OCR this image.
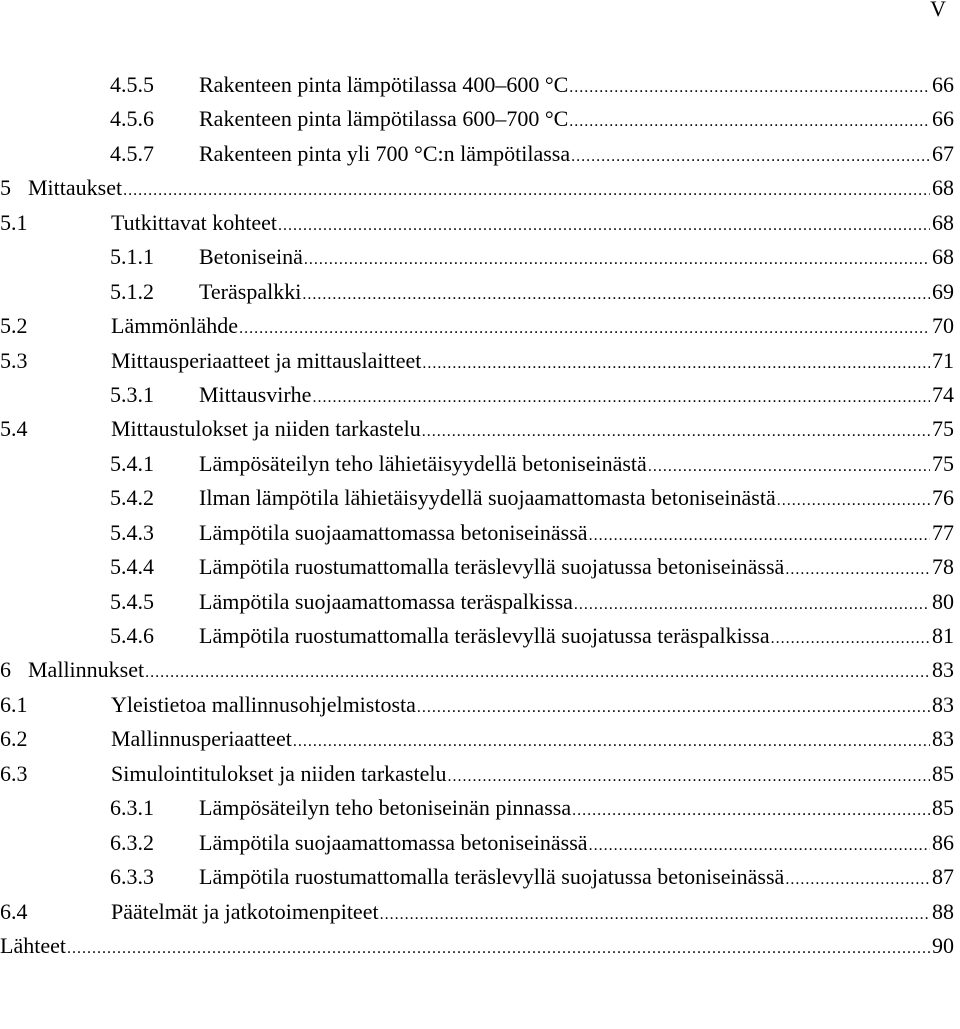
V
4.5.5 Rakenteen pinta lämpötilassa 400–600 °C .....	66
4.5.6 Rakenteen pinta lämpötilassa 600–700 °C .....	66
4.5.7 Rakenteen pinta yli 700 °C:n lämpötilassa .....	67
5 Mittaukset .....	68
5.1	Tutkittavat kohteet .....	68
5.1.1 Betoniseinä .....	68
5.1.2 Teräspalkki .....	69
5.2	Lämmönlähde .....	70
5.3	Mittausperiaatteet ja mittauslaitteet .....	71
5.3.1 Mittausvirhe .....	74
5.4	Mittaustulokset ja niiden tarkastelu .....	75
5.4.1 Lämpösäteilyn teho lähietäisyydellä betoniseinästä .....	75
5.4.2 Ilman lämpötila lähietäisyydellä suojaamattomasta betoniseinästä .....	76
5.4.3 Lämpötila suojaamattomassa betoniseinässä .....	77
5.4.4 Lämpötila ruostumattomalla teräslevyllä suojatussa betoniseinässä .....	78
5.4.5 Lämpötila suojaamattomassa teräspalkissa .....	80
5.4.6 Lämpötila ruostumattomalla teräslevyllä suojatussa teräspalkissa .....	81
6 Mallinnukset .....	83
6.1	Yleistietoa mallinnusohjelmistosta .....	83
6.2	Mallinnusperiaatteet .....	83
6.3	Simulointitulokset ja niiden tarkastelu .....	85
6.3.1 Lämpösäteilyn teho betoniseinän pinnassa .....	85
6.3.2 Lämpötila suojaamattomassa betoniseinässä .....	86
6.3.3 Lämpötila ruostumattomalla teräslevyllä suojatussa betoniseinässä .....	87
6.4	Päätelmät ja jatkotoimenpiteet .....	88
Lähteet .....	90
